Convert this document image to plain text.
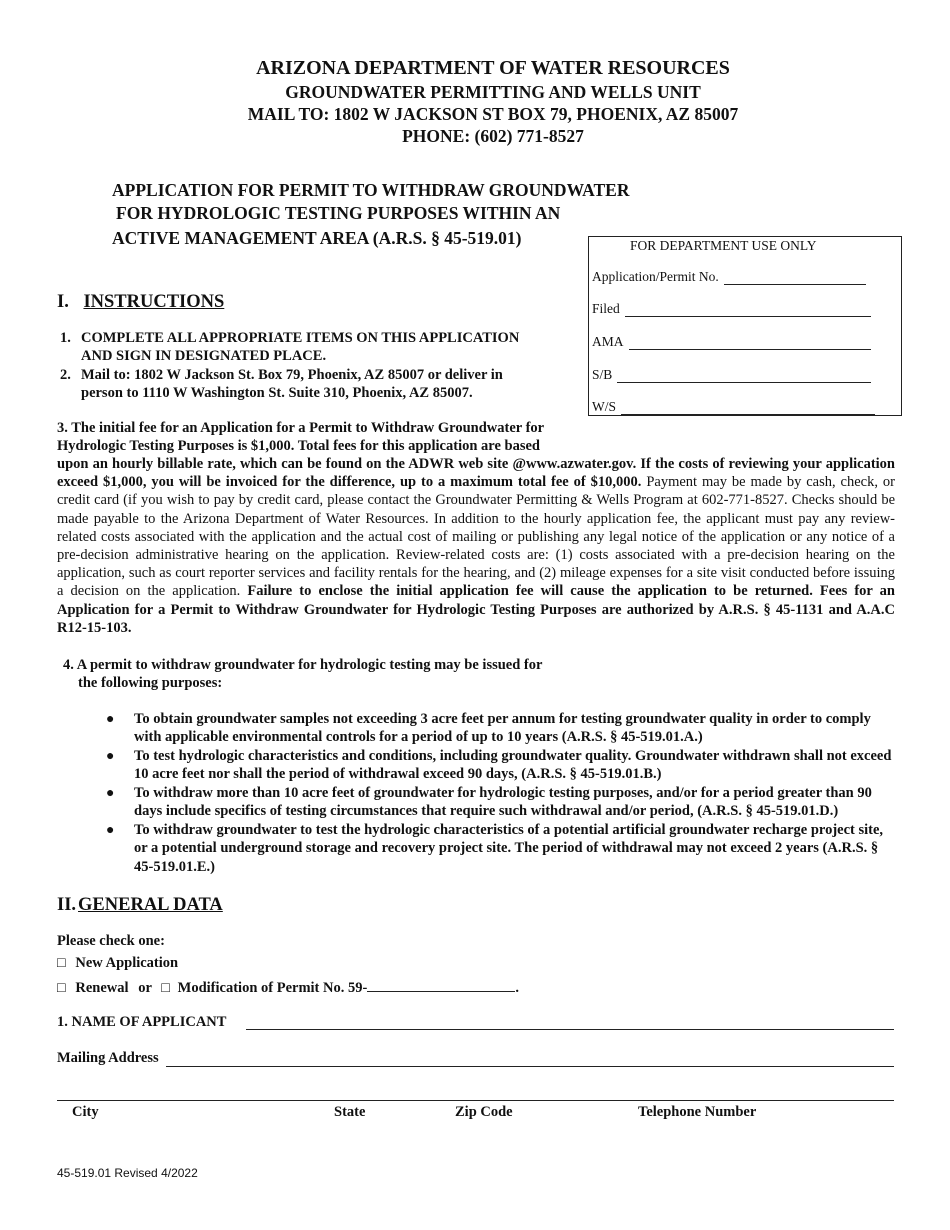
ARIZONA DEPARTMENT OF WATER RESOURCES
GROUNDWATER PERMITTING AND WELLS UNIT
MAIL TO: 1802 W JACKSON ST BOX 79, PHOENIX, AZ 85007
PHONE: (602) 771-8527
APPLICATION FOR PERMIT TO WITHDRAW GROUNDWATER
FOR HYDROLOGIC TESTING PURPOSES WITHIN AN
ACTIVE MANAGEMENT AREA (A.R.S. § 45-519.01)	FOR DEPARTMENT USE ONLY
Application/Permit No.
Filed
AMA
S/B
W/S
I. INSTRUCTIONS
1. COMPLETE ALL APPROPRIATE ITEMS ON THIS APPLICATION
AND SIGN IN DESIGNATED PLACE.
2. Mail to: 1802 W Jackson St. Box 79, Phoenix, AZ 85007 or deliver in
person to 1110 W Washington St. Suite 310, Phoenix, AZ 85007.
3. The initial fee for an Application for a Permit to Withdraw Groundwater for
Hydrologic Testing Purposes is $1,000. Total fees for this application are based
upon an hourly billable rate, which can be found on the ADWR web site @www.azwater.gov. If the costs of reviewing your application exceed $1,000, you will be invoiced for the difference, up to a maximum total fee of $10,000. Payment may be made by cash, check, or credit card (if you wish to pay by credit card, please contact the Groundwater Permitting & Wells Program at 602-771-8527. Checks should be made payable to the Arizona Department of Water Resources. In addition to the hourly application fee, the applicant must pay any review-related costs associated with the application and the actual cost of mailing or publishing any legal notice of the application or any notice of a pre-decision administrative hearing on the application. Review-related costs are: (1) costs associated with a pre-decision hearing on the application, such as court reporter services and facility rentals for the hearing, and (2) mileage expenses for a site visit conducted before issuing a decision on the application. Failure to enclose the initial application fee will cause the application to be returned. Fees for an Application for a Permit to Withdraw Groundwater for Hydrologic Testing Purposes are authorized by A.R.S. § 45-1131 and A.A.C R12-15-103.
4. A permit to withdraw groundwater for hydrologic testing may be issued for
the following purposes:
● To obtain groundwater samples not exceeding 3 acre feet per annum for testing groundwater quality in order to comply with applicable environmental controls for a period of up to 10 years (A.R.S. § 45-519.01.A.)
● To test hydrologic characteristics and conditions, including groundwater quality. Groundwater withdrawn shall not exceed 10 acre feet nor shall the period of withdrawal exceed 90 days, (A.R.S. § 45-519.01.B.)
● To withdraw more than 10 acre feet of groundwater for hydrologic testing purposes, and/or for a period greater than 90 days include specifics of testing circumstances that require such withdrawal and/or period, (A.R.S. § 45-519.01.D.)
● To withdraw groundwater to test the hydrologic characteristics of a potential artificial groundwater recharge project site, or a potential underground storage and recovery project site. The period of withdrawal may not exceed 2 years (A.R.S. § 45-519.01.E.)
II. GENERAL DATA
Please check one:
□ New Application
□ Renewal or □ Modification of Permit No. 59-	.
1. NAME OF APPLICANT
Mailing Address
City	State	Zip Code	Telephone Number
45-519.01 Revised 4/2022
